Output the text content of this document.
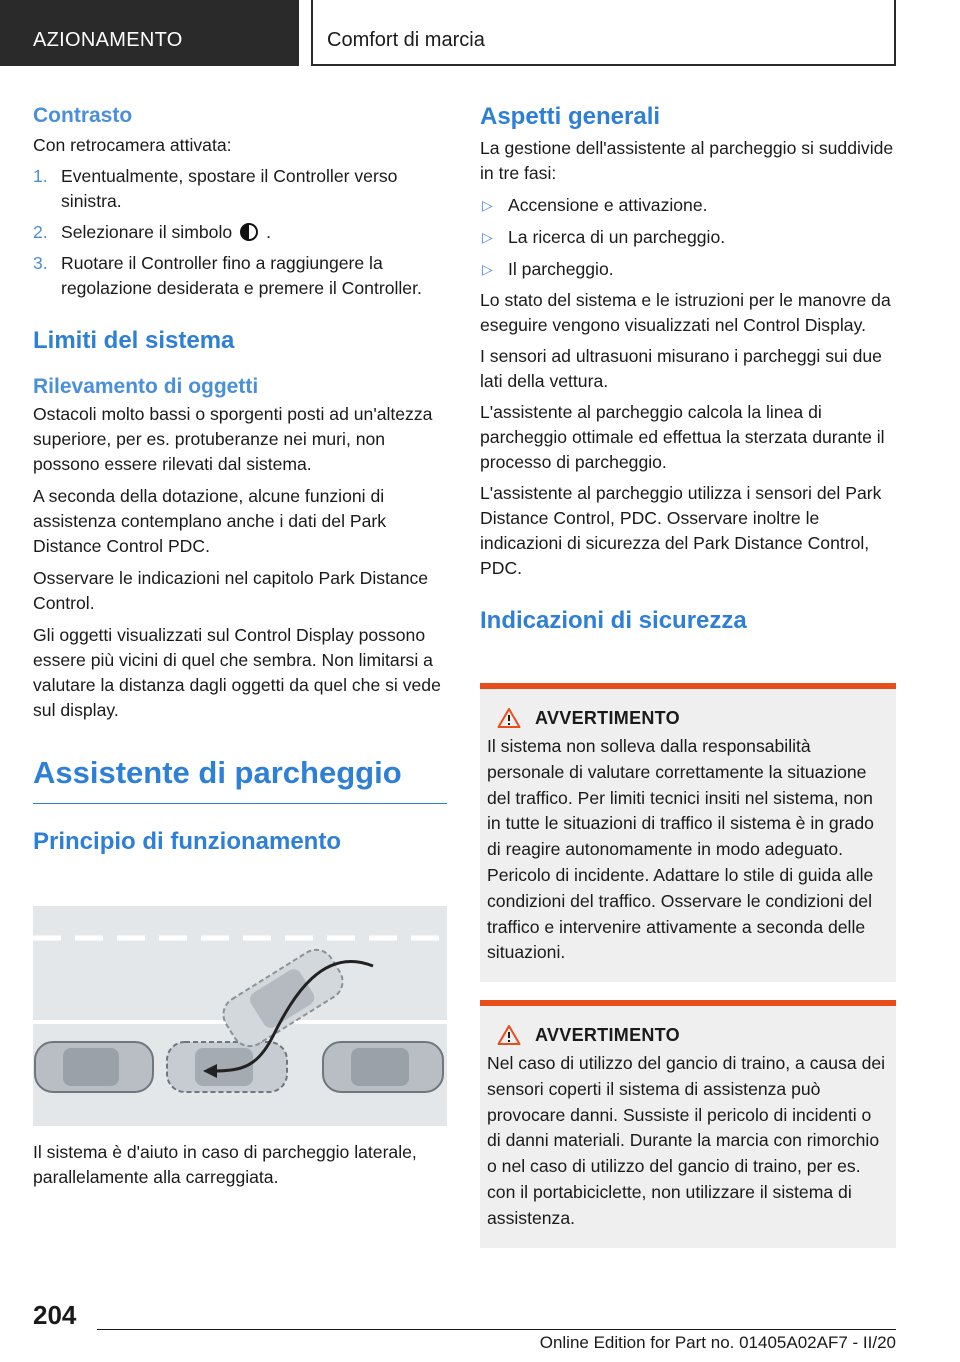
AZIONAMENTO	Comfort di marcia
Contrasto

Con retrocamera attivata:

1. Eventualmente, spostare il Controller verso sinistra.
2. Selezionare il simbolo .
3. Ruotare il Controller fino a raggiungere la regolazione desiderata e premere il Controller.
Limiti del sistema
Rilevamento di oggetti

Ostacoli molto bassi o sporgenti posti ad un'altezza superiore, per es. protuberanze nei muri, non possono essere rilevati dal sistema.

A seconda della dotazione, alcune funzioni di assistenza contemplano anche i dati del Park Distance Control PDC.

Osservare le indicazioni nel capitolo Park Distance Control.

Gli oggetti visualizzati sul Control Display possono essere più vicini di quel che sembra. Non limitarsi a valutare la distanza dagli oggetti da quel che si vede sul display.

Assistente di parcheggio
Principio di funzionamento

Il sistema è d'aiuto in caso di parcheggio laterale, parallelamente alla carreggiata.

Aspetti generali

La gestione dell'assistente al parcheggio si suddivide in tre fasi:

▷ Accensione e attivazione.
▷ La ricerca di un parcheggio.
▷ Il parcheggio.

Lo stato del sistema e le istruzioni per le manovre da eseguire vengono visualizzati nel Control Display.

I sensori ad ultrasuoni misurano i parcheggi sui due lati della vettura.

L'assistente al parcheggio calcola la linea di parcheggio ottimale ed effettua la sterzata durante il processo di parcheggio.

L'assistente al parcheggio utilizza i sensori del Park Distance Control, PDC. Osservare inoltre le indicazioni di sicurezza del Park Distance Control, PDC.

Indicazioni di sicurezza
AVVERTIMENTO

Il sistema non solleva dalla responsabilità personale di valutare correttamente la situazione del traffico. Per limiti tecnici insiti nel sistema, non in tutte le situazioni di traffico il sistema è in grado di reagire autonomamente in modo adeguato. Pericolo di incidente. Adattare lo stile di guida alle condizioni del traffico. Osservare le condizioni del traffico e intervenire attivamente a seconda delle situazioni.

AVVERTIMENTO

Nel caso di utilizzo del gancio di traino, a causa dei sensori coperti il sistema di assistenza può provocare danni. Sussiste il pericolo di incidenti o di danni materiali. Durante la marcia con rimorchio o nel caso di utilizzo del gancio di traino, per es. con il portabiciclette, non utilizzare il sistema di assistenza.

204
Online Edition for Part no. 01405A02AF7 - II/20
